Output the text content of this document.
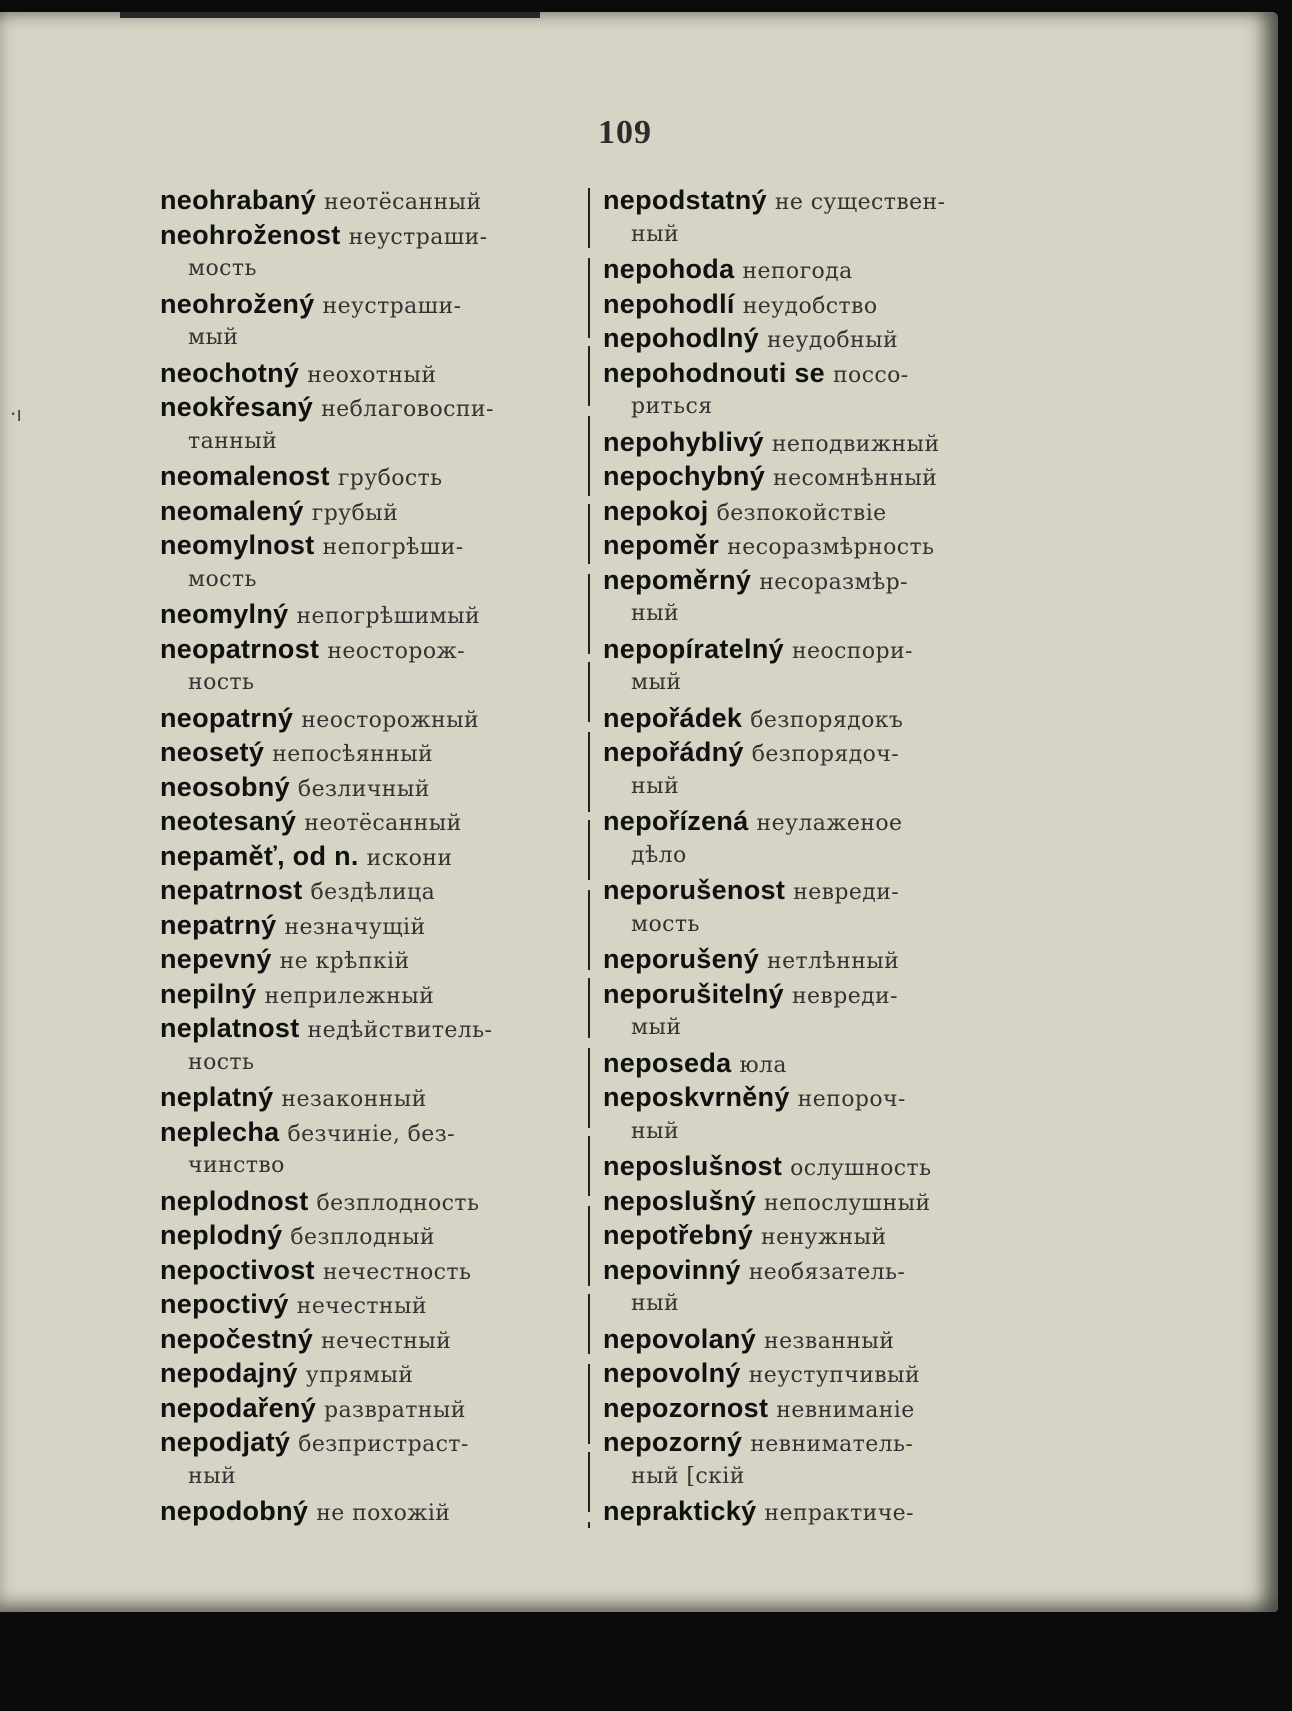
·ı
109
neohrabaný неотёсанный
neohroženost неустраши-
мость
neohrožený неустраши-
мый
neochotný неохотный
neokřesaný неблаговоспи-
танный
neomalenost грубость
neomalený грубый
neomylnost непогрѣши-
мость
neomylný непогрѣшимый
neopatrnost неосторож-
ность
neopatrný неосторожный
neosetý непосѣянный
neosobný безличный
neotesaný неотёсанный
nepaměť, od n. искони
nepatrnost бездѣлица
nepatrný незначущій
nepevný не крѣпкій
nepilný неприлежный
neplatnost недѣйствитель-
ность
neplatný незаконный
neplecha безчиніе, без-
чинство
neplodnost безплодность
neplodný безплодный
nepoctivost нечестность
nepoctivý нечестный
nepočestný нечестный
nepodajný упрямый
nepodařený развратный
nepodjatý безпристраст-
ный
nepodobný не похожій
nepodstatný не существен-
ный
nepohoda непогода
nepohodlí неудобство
nepohodlný неудобный
nepohodnouti se поссо-
риться
nepohyblivý неподвижный
nepochybný несомнѣнный
nepokoj безпокойствіе
nepoměr несоразмѣрность
nepoměrný несоразмѣр-
ный
nepopíratelný неоспори-
мый
nepořádek безпорядокъ
nepořádný безпорядоч-
ный
nepořízená неулаженое
дѣло
neporušenost невреди-
мость
neporušený нетлѣнный
neporušitelný невреди-
мый
neposeda юла
neposkvrněný непороч-
ный
neposlušnost ослушность
neposlušný непослушный
nepotřebný ненужный
nepovinný необязатель-
ный
nepovolaný незванный
nepovolný неуступчивый
nepozornost невниманіе
nepozorný невниматель-
ный [скій
nepraktický непрактиче-
